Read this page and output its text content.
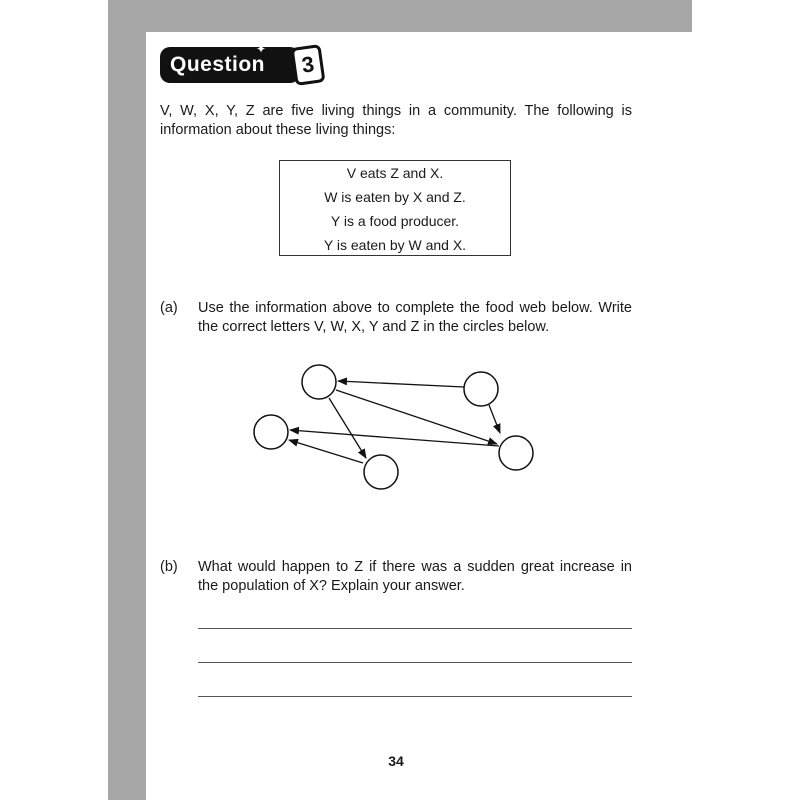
Question
✦
3
V, W, X, Y, Z are five living things in a community. The following is information about these living things:
V eats Z and X.
W is eaten by X and Z.
Y is a food producer.
Y is eaten by W and X.
(a) Use the information above to complete the food web below. Write the correct letters V, W, X, Y and Z in the circles below.
(b) What would happen to Z if there was a sudden great increase in the population of X? Explain your answer.
34
